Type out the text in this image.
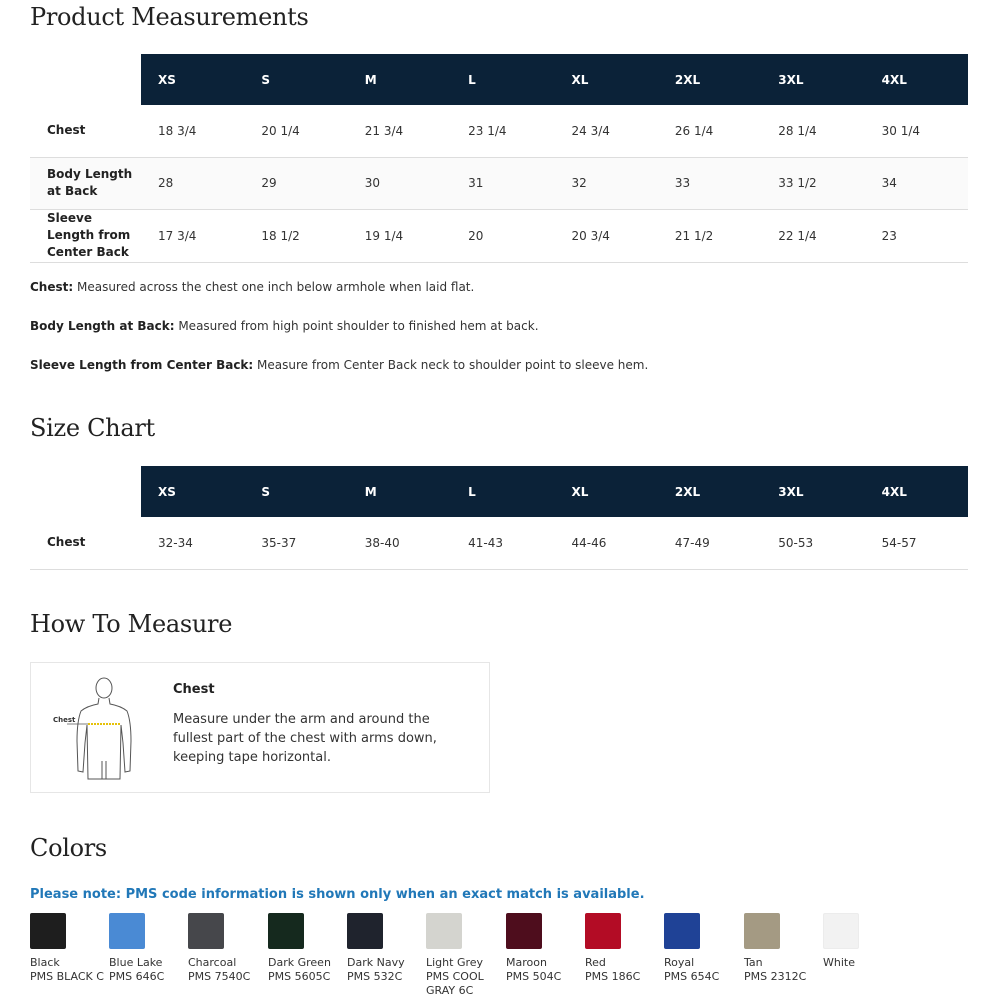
Product Measurements
	XS	S	M	L	XL	2XL	3XL	4XL
Chest	18 3/4	20 1/4	21 3/4	23 1/4	24 3/4	26 1/4	28 1/4	30 1/4
Body Length at Back	28	29	30	31	32	33	33 1/2	34
Sleeve Length from Center Back	17 3/4	18 1/2	19 1/4	20	20 3/4	21 1/2	22 1/4	23

Chest: Measured across the chest one inch below armhole when laid flat.

Body Length at Back: Measured from high point shoulder to finished hem at back.

Sleeve Length from Center Back: Measure from Center Back neck to shoulder point to sleeve hem.

Size Chart
	XS	S	M	L	XL	2XL	3XL	4XL
Chest	32-34	35-37	38-40	41-43	44-46	47-49	50-53	54-57
How To Measure
Chest
Chest
Measure under the arm and around the fullest part of the chest with arms down, keeping tape horizontal.
Colors
Please note: PMS code information is shown only when an exact match is available.
Black
PMS BLACK C
Blue Lake
PMS 646C
Charcoal
PMS 7540C
Dark Green
PMS 5605C
Dark Navy
PMS 532C
Light Grey
PMS COOL GRAY 6C
Maroon
PMS 504C
Red
PMS 186C
Royal
PMS 654C
Tan
PMS 2312C
White
